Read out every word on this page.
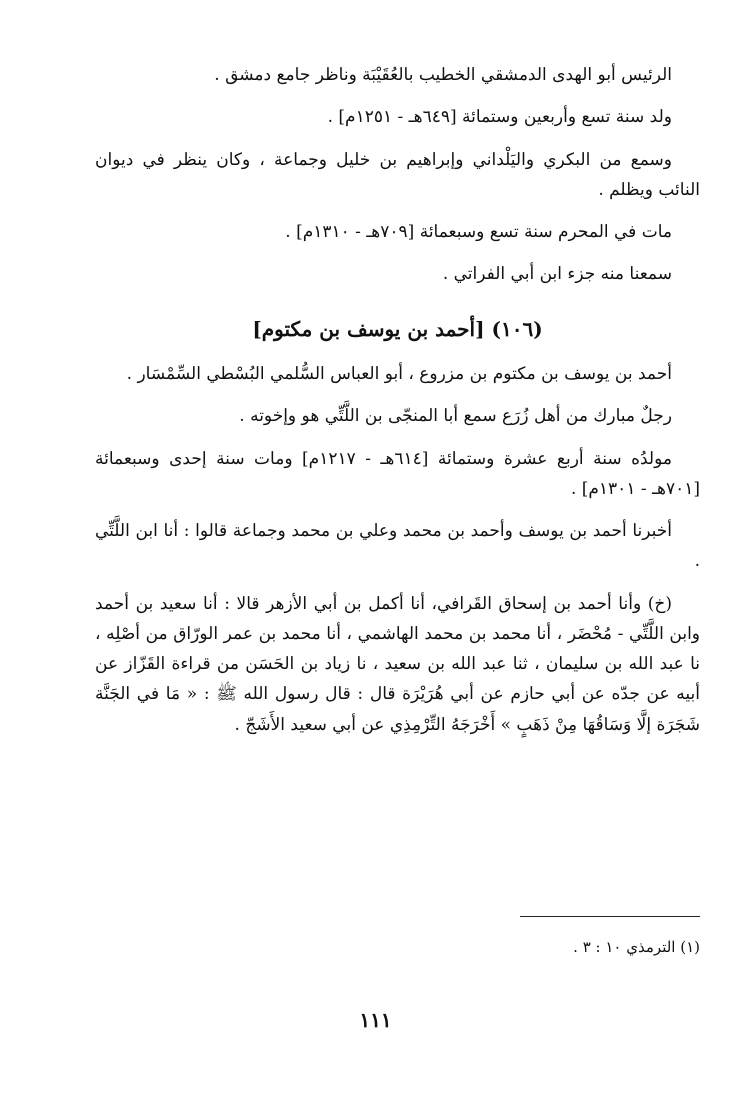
الرئيس أبو الهدى الدمشقي الخطيب بالعُقَيْبَة وناظر جامع دمشق .

ولد سنة تسع وأربعين وستمائة [٦٤٩هـ - ١٢٥١م] .

وسمع من البكري واليَلْداني وإبراهيم بن خليل وجماعة ، وكان ينظر في ديوان النائب ويظلم .

مات في المحرم سنة تسع وسبعمائة [٧٠٩هـ - ١٣١٠م] .

سمعنا منه جزء ابن أبي الفراتي .

(١٠٦) [أحمد بن يوسف بن مكتوم]

أحمد بن يوسف بن مكتوم بن مزروع ، أبو العباس السُّلمي البُسْطي السِّمْسَار .

رجلٌ مبارك من أهل زُرَع سمع أبا المنجّى بن اللَّتِّي هو وإخوته .

مولدُه سنة أربع عشرة وستمائة [٦١٤هـ - ١٢١٧م] ومات سنة إحدى وسبعمائة [٧٠١هـ - ١٣٠١م] .

أخبرنا أحمد بن يوسف وأحمد بن محمد وعلي بن محمد وجماعة قالوا : أنا ابن اللَّتِّي .

(خ) وأنا أحمد بن إسحاق القَرافي، أنا أكمل بن أبي الأزهر قالا : أنا سعيد بن أحمد وابن اللَّتِّي - مُحْضَر ، أنا محمد بن محمد الهاشمي ، أنا محمد بن عمر الورّاق من أصْلِه ، نا عبد الله بن سليمان ، ثنا عبد الله بن سعيد ، نا زياد بن الحَسَن من قراءة القَزّاز عن أبيه عن جدّه عن أبي حازم عن أبي هُرَيْرَة قال : قال رسول الله ﷺ : « مَا في الجَنَّة شَجَرَة إلَّا وَسَاقُهَا مِنْ ذَهَبٍ » أَخْرَجَهُ التِّرْمِذِي عن أبي سعيد الأَشَجّ .

(١) الترمذي ١٠ : ٣ .
١١١
